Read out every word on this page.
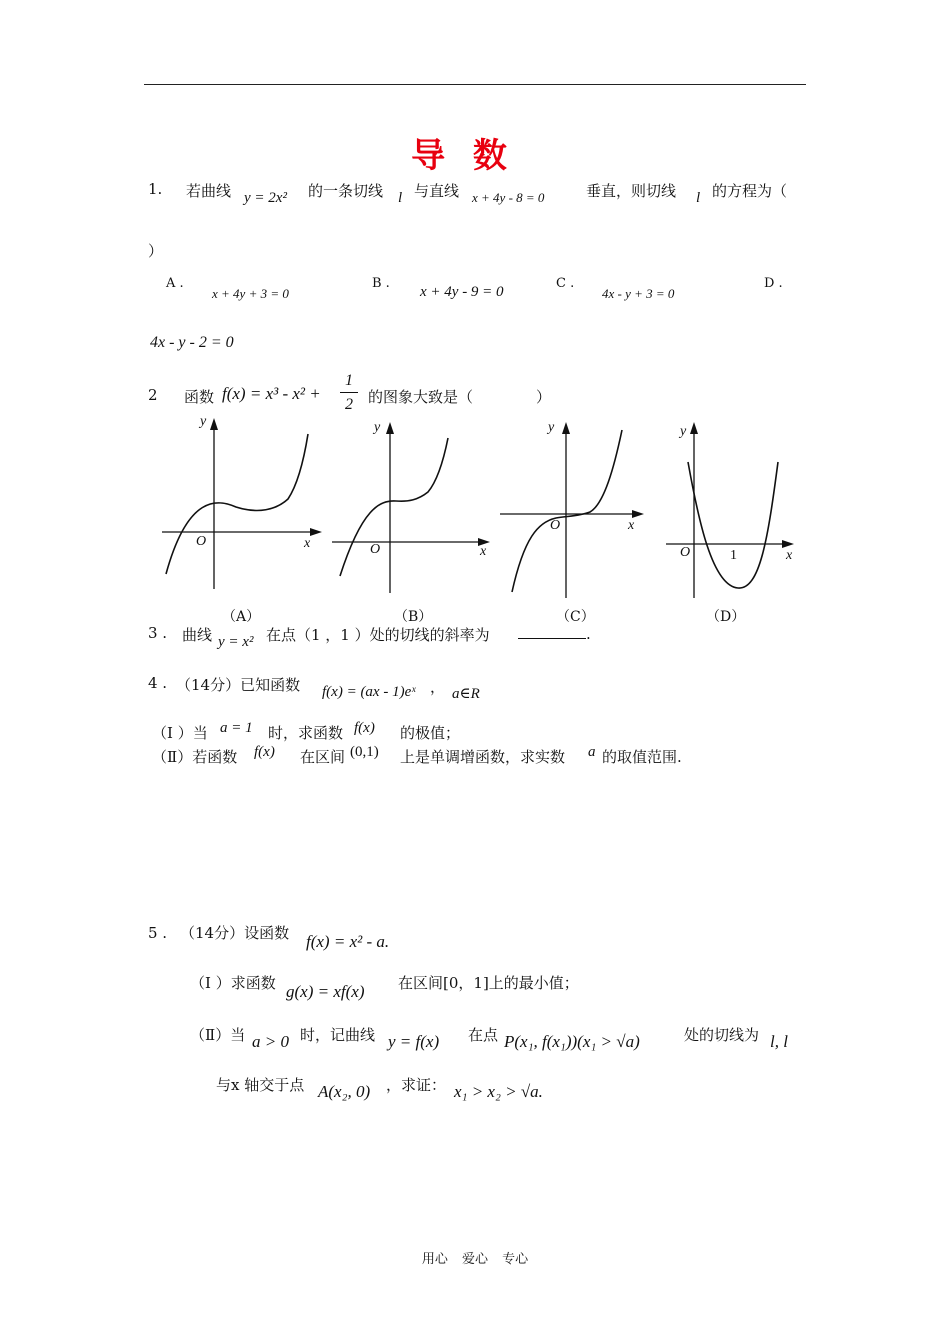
导 数
1. 若曲线 y = 2x² 的一条切线 l 与直线 x + 4y - 8 = 0	垂直，则切线 l 的方程为（
）
A .
x + 4y + 3 = 0
B .
x + 4y - 9 = 0
C .
4x - y + 3 = 0
D .
4x - y - 2 = 0
2 函数 f(x) = x³ - x² +
1
2 的图象大致是（	）
y
O	x
（A）
y
O	x
（B）
y
O	x
（C）
y
O	1	x
（D）
3 . 曲线 y = x² 在点（1 ，1 ）处的切线的斜率为	.
4 . （14分）已知函数 f(x) = (ax - 1)eˣ ， a∈R
（Ⅰ ）当 a = 1 时，求函数 f(x) 的极值；
（Ⅱ）若函数 f(x) 在区间 (0,1) 上是单调增函数，求实数 a 的取值范围.
5 . （14分）设函数 f(x) = x² - a.
（Ⅰ ）求函数 g(x) = xf(x) 在区间[0，1]上的最小值；
（Ⅱ）当 a > 0 时，记曲线 y = f(x) 在点 P(x₁, f(x₁))(x₁ > √a)	处的切线为 l, l
与x 轴交于点 A(x₂, 0) ，求证： x₁ > x₂ > √a.
用心 爱心 专心
